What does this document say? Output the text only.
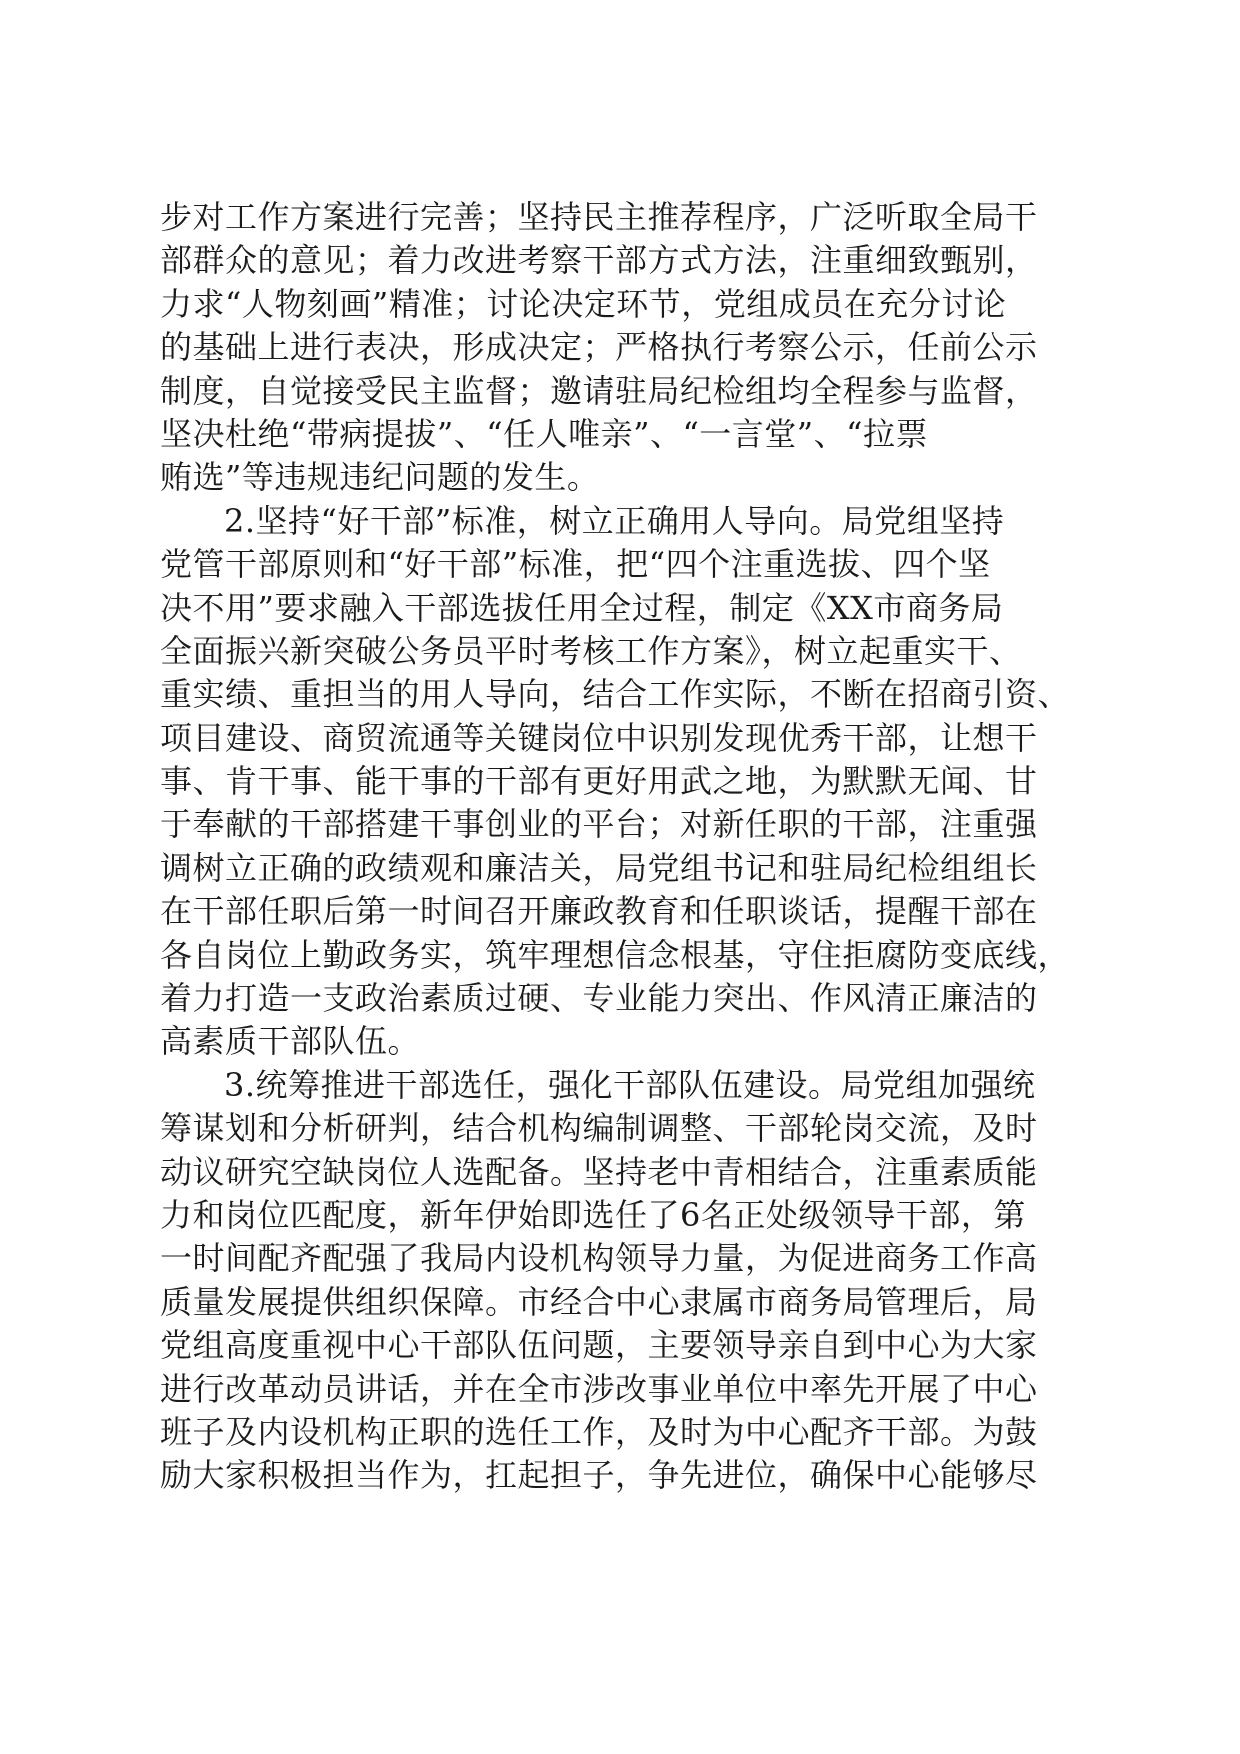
步对工作方案进行完善；坚持民主推荐程序，广泛听取全局干
部群众的意见；着力改进考察干部方式方法，注重细致甄别，
力求“人物刻画”精准；讨论决定环节，党组成员在充分讨论
的基础上进行表决，形成决定；严格执行考察公示，任前公示
制度，自觉接受民主监督；邀请驻局纪检组均全程参与监督，
坚决杜绝“带病提拔”、“任人唯亲”、“一言堂”、“拉票
贿选”等违规违纪问题的发生。
2.坚持“好干部”标准，树立正确用人导向。局党组坚持
党管干部原则和“好干部”标准，把“四个注重选拔、四个坚
决不用”要求融入干部选拔任用全过程，制定《XX市商务局
全面振兴新突破公务员平时考核工作方案》，树立起重实干、
重实绩、重担当的用人导向，结合工作实际，不断在招商引资、
项目建设、商贸流通等关键岗位中识别发现优秀干部，让想干
事、肯干事、能干事的干部有更好用武之地，为默默无闻、甘
于奉献的干部搭建干事创业的平台；对新任职的干部，注重强
调树立正确的政绩观和廉洁关，局党组书记和驻局纪检组组长
在干部任职后第一时间召开廉政教育和任职谈话，提醒干部在
各自岗位上勤政务实，筑牢理想信念根基，守住拒腐防变底线，
着力打造一支政治素质过硬、专业能力突出、作风清正廉洁的
高素质干部队伍。
3.统筹推进干部选任，强化干部队伍建设。局党组加强统
筹谋划和分析研判，结合机构编制调整、干部轮岗交流，及时
动议研究空缺岗位人选配备。坚持老中青相结合，注重素质能
力和岗位匹配度，新年伊始即选任了6名正处级领导干部，第
一时间配齐配强了我局内设机构领导力量，为促进商务工作高
质量发展提供组织保障。市经合中心隶属市商务局管理后，局
党组高度重视中心干部队伍问题，主要领导亲自到中心为大家
进行改革动员讲话，并在全市涉改事业单位中率先开展了中心
班子及内设机构正职的选任工作，及时为中心配齐干部。为鼓
励大家积极担当作为，扛起担子，争先进位，确保中心能够尽
